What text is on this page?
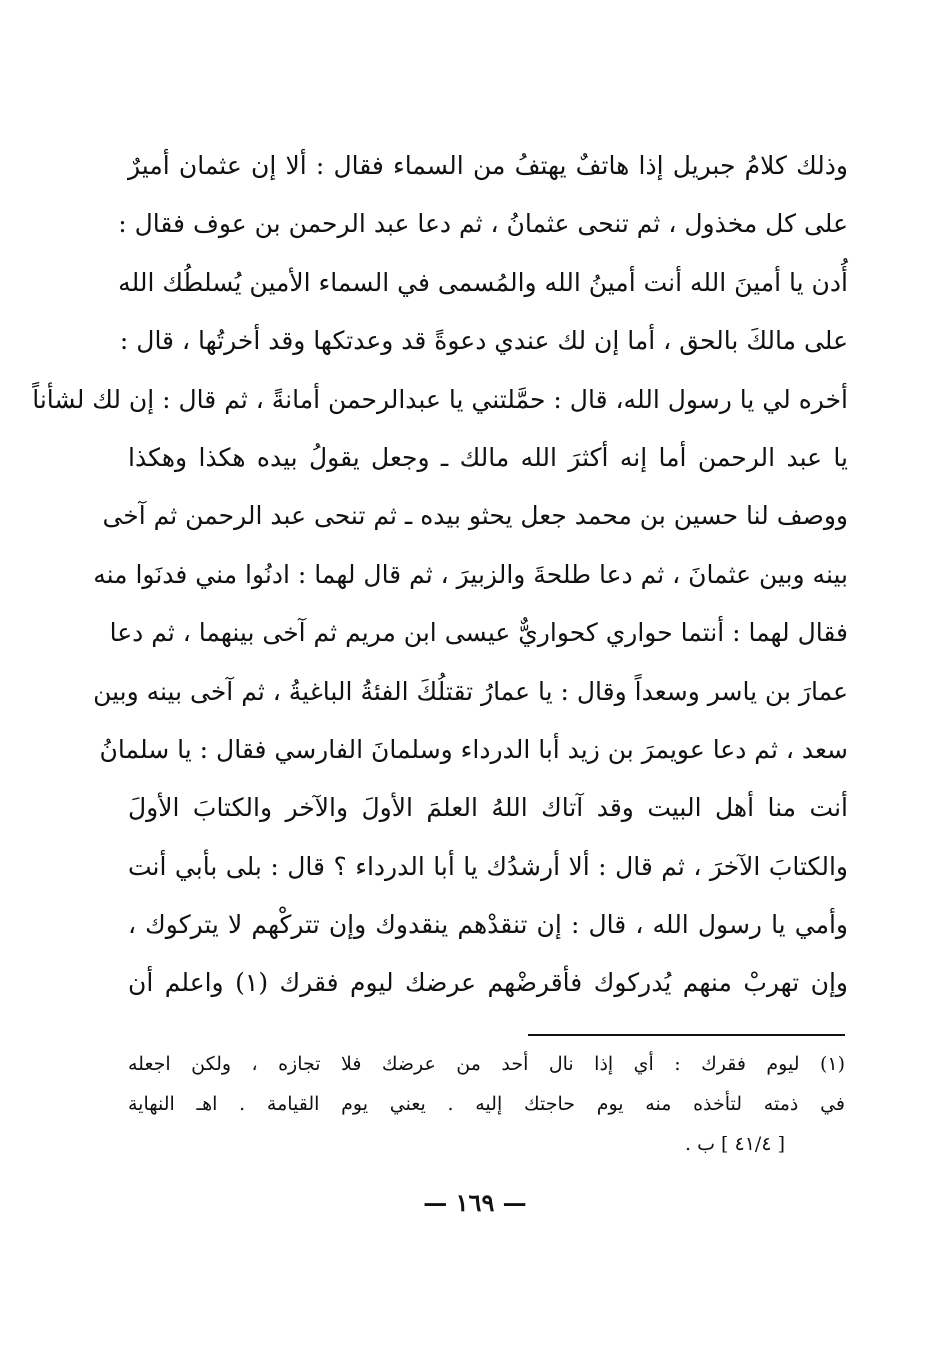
وذلك كلامُ جبريل إذا هاتفٌ يهتفُ من السماء فقال : ألا إن عثمان أميرٌ
على كل مخذول ، ثم تنحى عثمانُ ، ثم دعا عبد الرحمن بن عوف فقال :
أُدن يا أمينَ الله أنت أمينُ الله والمُسمى في السماء الأمين يُسلطُك الله
على مالكَ بالحق ، أما إن لك عندي دعوةً قد وعدتكها وقد أخرتُها ، قال :
أخره لي يا رسول الله، قال : حمَّلتني يا عبدالرحمن أمانةً ، ثم قال : إن لك لشأناً
يا عبد الرحمن أما إنه أكثرَ الله مالك ـ وجعل يقولُ بيده هكذا وهكذا
ووصف لنا حسين بن محمد جعل يحثو بيده ـ ثم تنحى عبد الرحمن ثم آخى
بينه وبين عثمانَ ، ثم دعا طلحةَ والزبيرَ ، ثم قال لهما : ادنُوا مني فدنَوا منه
فقال لهما : أنتما حواري كحواريٌّ عيسى ابن مريم ثم آخى بينهما ، ثم دعا
عمارَ بن ياسر وسعداً وقال : يا عمارُ تقتلُكَ الفئةُ الباغيةُ ، ثم آخى بينه وبين
سعد ، ثم دعا عويمرَ بن زيد أبا الدرداء وسلمانَ الفارسي فقال : يا سلمانُ
أنت منا أهل البيت وقد آتاك اللهُ العلمَ الأولَ والآخر والكتابَ الأولَ
والكتابَ الآخرَ ، ثم قال : ألا أرشدُك يا أبا الدرداء ؟ قال : بلى بأبي أنت
وأمي يا رسول الله ، قال : إن تنقدْهم ينقدوك وإن تتركْهم لا يتركوك ،
وإن تهربْ منهم يُدركوك فأقرضْهم عرضك ليوم فقرك (١) واعلم أن
(١) ليوم فقرك : أي إذا نال أحد من عرضك فلا تجازه ، ولكن اجعله
في ذمته لتأخذه منه يوم حاجتك إليه . يعني يوم القيامة . اهـ النهاية
[ ٤١/٤ ] ب .
— ١٦٩ —
